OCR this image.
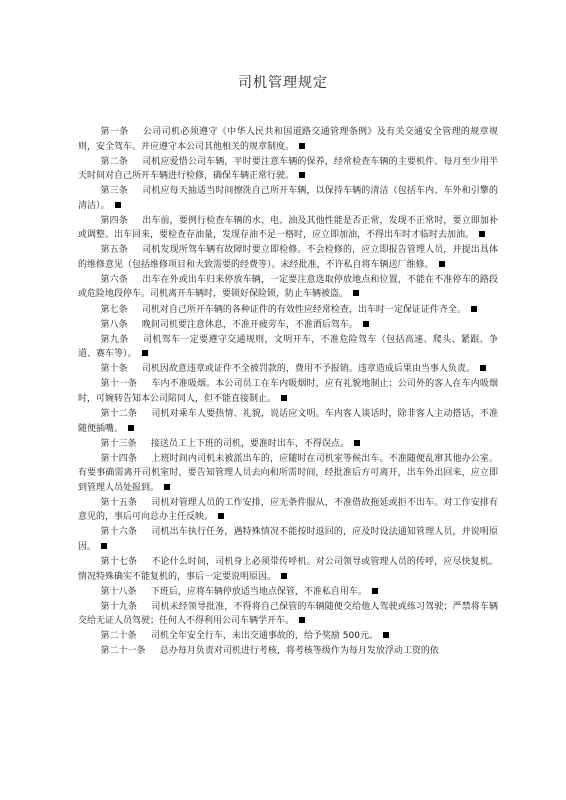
司机管理规定

第一条 公司司机必须遵守《中华人民共和国道路交通管理条例》及有关交通安全管理的规章规则，安全驾车。并应遵守本公司其他相关的规章制度。

第二条 司机应爱惜公司车辆，平时要注意车辆的保养，经常检查车辆的主要机件。每月至少用半天时间对自己所开车辆进行检修，确保车辆正常行驶。

第三条 司机应每天抽适当时间擦洗自己所开车辆，以保持车辆的清洁（包括车内、车外和引擎的清洁）。

第四条 出车前，要例行检查车辆的水、电、油及其他性能是否正常，发现不正常时，要立即加补或调整。出车回来，要检查存油量，发现存油不足一格时，应立即加油，不得出车时才临时去加油。

第五条 司机发现所驾车辆有故障时要立即检修。不会检修的，应立即报告管理人员，并提出具体的维修意见（包括维修项目和大致需要的经费等）。未经批准，不许私自将车辆送厂维修。

第六条 出车在外或出车归来停放车辆，一定要注意选取停放地点和位置，不能在不准停车的路段或危险地段停车。司机离开车辆时，要锁好保险锁，防止车辆被盗。

第七条 司机对自己所开车辆的各种证件的有效性应经常检查，出车时一定保证证件齐全。

第八条 晚间司机要注意休息，不准开疲劳车，不准酒后驾车。

第九条 司机驾车一定要遵守交通规则，文明开车，不准危险驾车（包括高速、爬头、紧跟、争道、赛车等）。

第十条 司机因故意违章或证件不全被罚款的，费用不予报销。违章造成后果由当事人负责。

第十一条 车内不准吸烟。本公司员工在车内吸烟时，应有礼貌地制止；公司外的客人在车内吸烟时，可婉转告知本公司陪同人，但不能直接制止。

第十二条 司机对乘车人要热情、礼貌，说话应文明。车内客人谈话时，除非客人主动搭话，不准随便插嘴。

第十三条 接送员工上下班的司机，要准时出车，不得误点。

第十四条 上班时间内司机未被派出车的，应随时在司机室等候出车。不准随便乱窜其他办公室。有要事确需离开司机室时，要告知管理人员去向和所需时间，经批准后方可离开，出车外出回来，应立即到管理人员处报到。

第十五条 司机对管理人员的工作安排，应无条件服从，不准借故拖延或拒不出车。对工作安排有意见的，事后可向总办主任反映。

第十六条 司机出车执行任务，遇特殊情况不能按时返回的，应及时设法通知管理人员，并说明原因。

第十七条 不论什么时间，司机身上必须带传呼机。对公司领导或管理人员的传呼，应尽快复机。情况特殊确实不能复机的，事后一定要说明原因。

第十八条 下班后，应将车辆停放适当地点保管，不准私自用车。

第十九条 司机未经领导批准，不得将自己保管的车辆随便交给他人驾驶或练习驾驶；严禁将车辆交给无证人员驾驶；任何人不得利用公司车辆学开车。

第二十条 司机全年安全行车，未出交通事故的，给予奖励 500元。

第二十一条 总办每月负责对司机进行考核，将考核等级作为每月发放浮动工资的依
